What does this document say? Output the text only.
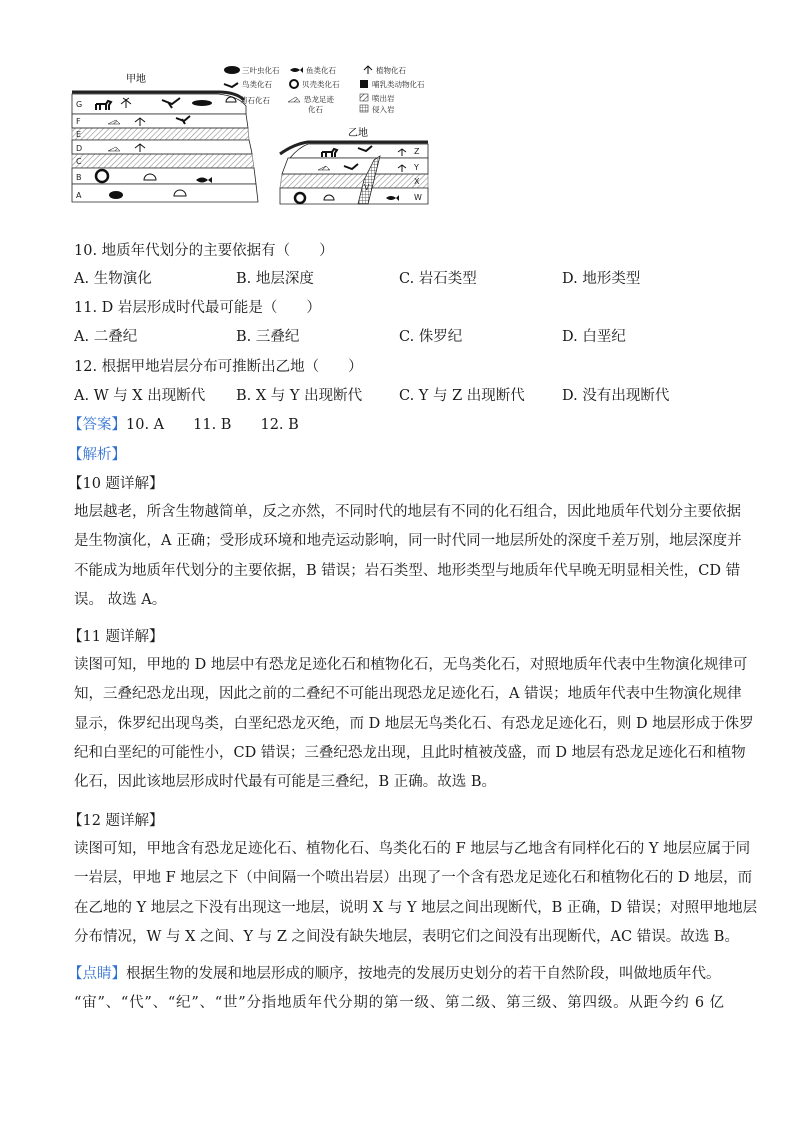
甲地
G
F
E
D
C
B
A
三叶虫化石	鱼类化石	植物化石
鸟类化石	贝壳类化石	哺乳类动物化石
菊石化石	恐龙足迹
化石
喷出岩
侵入岩
乙地
Z
Y
X
W
V
10. 地质年代划分的主要依据有（　　）
A. 生物演化	B. 地层深度	C. 岩石类型	D. 地形类型
11. D 岩层形成时代最可能是（　　）
A. 二叠纪	B. 三叠纪	C. 侏罗纪	D. 白垩纪
12. 根据甲地岩层分布可推断出乙地（　　）
A. W 与 X 出现断代 B. X 与 Y 出现断代	C. Y 与 Z 出现断代	D. 没有出现断代
【答案】10. A　　11. B　　12. B
【解析】
【10 题详解】
地层越老，所含生物越简单，反之亦然，不同时代的地层有不同的化石组合，因此地质年代划分主要依据
是生物演化，A 正确；受形成环境和地壳运动影响，同一时代同一地层所处的深度千差万别，地层深度并
不能成为地质年代划分的主要依据，B 错误；岩石类型、地形类型与地质年代早晚无明显相关性，CD 错
误。 故选 A。
【11 题详解】
读图可知，甲地的 D 地层中有恐龙足迹化石和植物化石，无鸟类化石，对照地质年代表中生物演化规律可
知，三叠纪恐龙出现，因此之前的二叠纪不可能出现恐龙足迹化石，A 错误；地质年代表中生物演化规律
显示，侏罗纪出现鸟类，白垩纪恐龙灭绝，而 D 地层无鸟类化石、有恐龙足迹化石，则 D 地层形成于侏罗
纪和白垩纪的可能性小，CD 错误；三叠纪恐龙出现，且此时植被茂盛，而 D 地层有恐龙足迹化石和植物
化石，因此该地层形成时代最有可能是三叠纪，B 正确。故选 B。
【12 题详解】
读图可知，甲地含有恐龙足迹化石、植物化石、鸟类化石的 F 地层与乙地含有同样化石的 Y 地层应属于同
一岩层，甲地 F 地层之下（中间隔一个喷出岩层）出现了一个含有恐龙足迹化石和植物化石的 D 地层，而
在乙地的 Y 地层之下没有出现这一地层，说明 X 与 Y 地层之间出现断代，B 正确，D 错误；对照甲地地层
分布情况，W 与 X 之间、Y 与 Z 之间没有缺失地层，表明它们之间没有出现断代，AC 错误。故选 B。
【点睛】根据生物的发展和地层形成的顺序，按地壳的发展历史划分的若干自然阶段，叫做地质年代。
“宙”、“代”、“纪”、“世”分指地质年代分期的第一级、第二级、第三级、第四级。从距今约 6 亿
